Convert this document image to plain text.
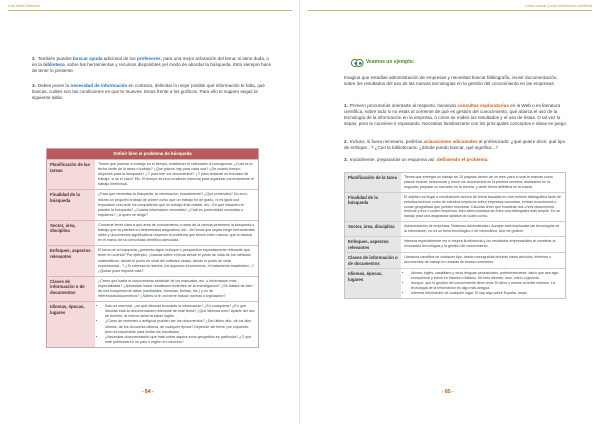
Luis Javier Martínez
2. También puedes buscar ayuda adicional de tus profesores, para una mejor aclaración del tema; si tiene duda, o en la biblioteca, sobre las herramientas y recursos disponibles yel modo de abordar la búsqueda. Esto siempre hace de tener lo presente.
3. Debes poner tu necesidad de información en contexto, delimitar lo mejor posible qué información te falta, qué buscas, cuáles son las condiciones en que te mueves. Estos frente a los gráficos. Para ello te sugiero seguir la siguiente tabla:
Definir bien el problema de búsqueda
Planificación de las tareas
Tienes que planear tu trabajo en el tiempo, establecer el calendario a cronograma. ¿Cuál es la fecha límite de la tarea o trabajo? ¿Qué plazos hay para cada una? ¿De cuánto tiempo dispones para la búsqueda? ¿Y para leer los documentos? ¿Y para redactar un borrador de trabajo, si es el caso? Etc. El tiempo es una condición esencial para organizar correctamente el trabajo intelectual.
Finalidad de la búsqueda
¿Para qué necesitas la búsqueda, la información, exactamente? ¿Qué pretendes? No es lo mismo un pequeño trabajo de primer curso que un trabajo fin de grado, ni es igual una exposición oral ante los compañeros que un trabajo final máster, etc.: En qué situación te plantes la búsqueda? ¿Cuánta información necesitas? ¿Cuál es profundidad necesitas o requieres? ¿A quién se dirige?
Sector, área, disciplina
Conviene tener claro a qué área de conocimiento o rama de la ciencia pertenece la búsqueda o trabajo que se plantea en determinada asignatura, etc., de forma que sepas elegir herramientas útiles y documentos significativos respecto al problema que tienes entre manos, que lo abarca en el marco de la comunidad científica adecuada.
Enfoques, aspectos relevantes
El tema de la búsqueda ¿presenta algún enfoque o perspectiva especialmente relevante que tener en cuenta? Por ejemplo, ¿buscas sobre el tema desde el punto de vista de los métodos matemáticos, desde el punto de vista del software usado, desde el punto de vista experimental...? ¿Te interesa la historia, los aspectos económicos, el tratamiento estadístico...? ¿Quéas poco importa más?
Clases de información o de documentos
¿Crees que basta el conocimiento estándar de los manuales, etc. o información más especializada? ¿Necesitas incluir resultados recientes de la investigación? ¿Se tratará de bien de una búsqueda de datos (cantidades, fórmulas, fechas, etc.) y no de referencias/documentos? ¿Sabes si te conviene buscar normas o legislación?
Idiomas, épocas, lugares
• Esto es esencial: ¿en qué idiomas buscarás la información? ¿En cualquiera? ¿En qué idiomas está la documentación relevante de este tema? ¿Qué idiomas lees? Aparte del uso de fuentes, al menos debería saber inglés.
• ¿Cómo de recientes o antiguos pueden ser los documentos? ¿Del último año, de los diez últimos, de los cincuenta últimos, de cualquier época? Depende del tema, por supuesto, pero es importante para limitar los resultados.
• ¿Necesitas documentación que trate sobre alguna zona geográfica en particular? ¿O que esté publicada en un país o región en concreto?
- 84 -
Cómo buscar y usar información científica
Veamos un ejemplo:
Imagina que estudias administración de empresas y necesitas buscar bibliografía, reunir documentación, sobre los resultados del uso de las nuevas tecnologías en la gestión del conocimiento en las empresas.
1. Primero procurarías orientarte al respecto, haciendo consultas exploratorias en la Web o en literatura científica, sobre todo si no estás al corriente de qué es gestión del conocimiento, qué abarca el uso de la tecnología de la información en la empresa, o cómo se miden los resultados y el uso de éstas. O tal vez lo sepas, pero te conviene ir repasando. Necesitas familiarizarte con los principales conceptos e ideas en juego.
2. Incluso, si fuera necesario, pedirías aclaraciones adicionales al profesorado: ¿qué quiere decir, qué tipo de enfoque...? ¿Con la bibliotecaria: ¿dónde puedo buscar, qué significa...?
3. Inicialmente, prepararías un esquema así, definiendo el problema:
Planificación de la tarea	Tienes que entregar un trabajo de 15 páginas dentro de un mes, para lo cual te marcas como plazos: buscar, seleccionar y reunir los documentos en la primera semana; analizarlos en la segunda; preparar un borrador en la tercera; y darle forma definitiva en la cuarta.
Finalidad de la búsqueda
El objetivo es llegar a conclusiones acerca de forma basadas en una revisión bibliográfica tanto de estudios teóricos como de estudios empíricos sobre empresas concretas, extraer económicos o zonas geográficas que puedes encontrar. Calculas tener que examinar dos o tres documentos teóricos y tres o cuatro empíricos, bien seleccionados de entre una bibliografía más amplia. En un trabajo para una asignatura optativa de cuarto curso.
Sector, área, disciplina	Administración de empresas, Business Administration. Aunque está implicadas las tecnologías de la información, no es un tema tecnológico o de informática, sino de gestión.
Enfoques, aspectos relevantes
Interesa especialmente ver si mejora la eficiencia y los resultados empresariales al combinar la innovación tecnológica y la gestión del conocimiento.
Clases de información o de documentos
Literatura científica de cualquier tipo: desde monografías teóricas hasta artículos, informes o documentos de trabajo en revistas de acceso concretos.
Idiomas, épocas, lugares
• Idioma: inglés, castellano y otros lenguas peninsulares, preferentemente, salvo que sea algo excepcional y breve en francés o italiano. No lees alemán, ruso, chino o japonés.
• Aunque, que lo gestión del conocimiento tiene unos 20 años o menos al límite máximo. La tecnología de la información es algo más antigua.
• Interesa información de cualquier lugar. Si hay algo sobre España, mejor.
- 85 -
